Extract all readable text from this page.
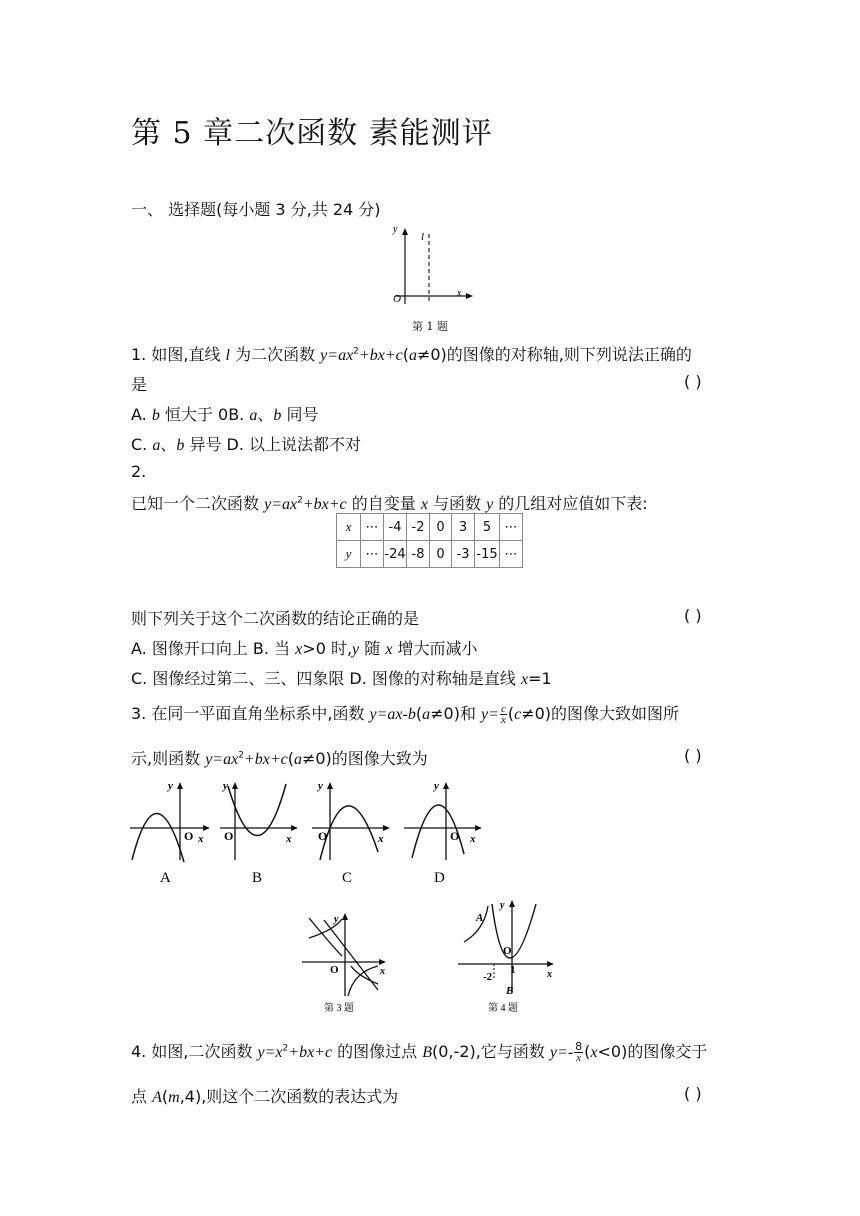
第 5 章二次函数 素能测评
一、 选择题(每小题 3 分,共 24 分)
y
l
O	x
第 1 题
1. 如图,直线 l 为二次函数 $y=ax^2+bx+c(a\ne 0)$的图像的对称轴,则下列说法正确的
是	( )
A. b 恒大于 0B. a、b 同号
C. a、b 异号 D. 以上说法都不对
2.
已知一个二次函数 $y=ax^2+bx+c$ 的自变量 x 与函数 y 的几组对应值如下表:
x	⋯	-4	-2	0	3	5	⋯
y	⋯	-24	-8	0	-3	-15	⋯
则下列关于这个二次函数的结论正确的是	( )
A. 图像开口向上 B. 当 x>0 时,y 随 x 增大而减小
C. 图像经过第二、三、四象限 D. 图像的对称轴是直线 x=1
3. 在同一平面直角坐标系中,函数 y=ax-b(a≠0)和 $y= \frac{c}{x} (c\ne 0)$的图像大致如图所
示,则函数 $y=ax^2+bx+c(a\ne 0)$的图像大致为	( )
O x
y
A
O	x
y
B
O	x
y
C
O x
y
D
O	x
y
第 3 题
A
B
-2
1
O
x
y
第 4 题
4. 如图,二次函数 $y=x^2+bx+c$ 的图像过点 B(0,-2),它与函数 $y=- \frac{8}{x} (x<0)$的图像交于
点 A(m,4),则这个二次函数的表达式为	( )
